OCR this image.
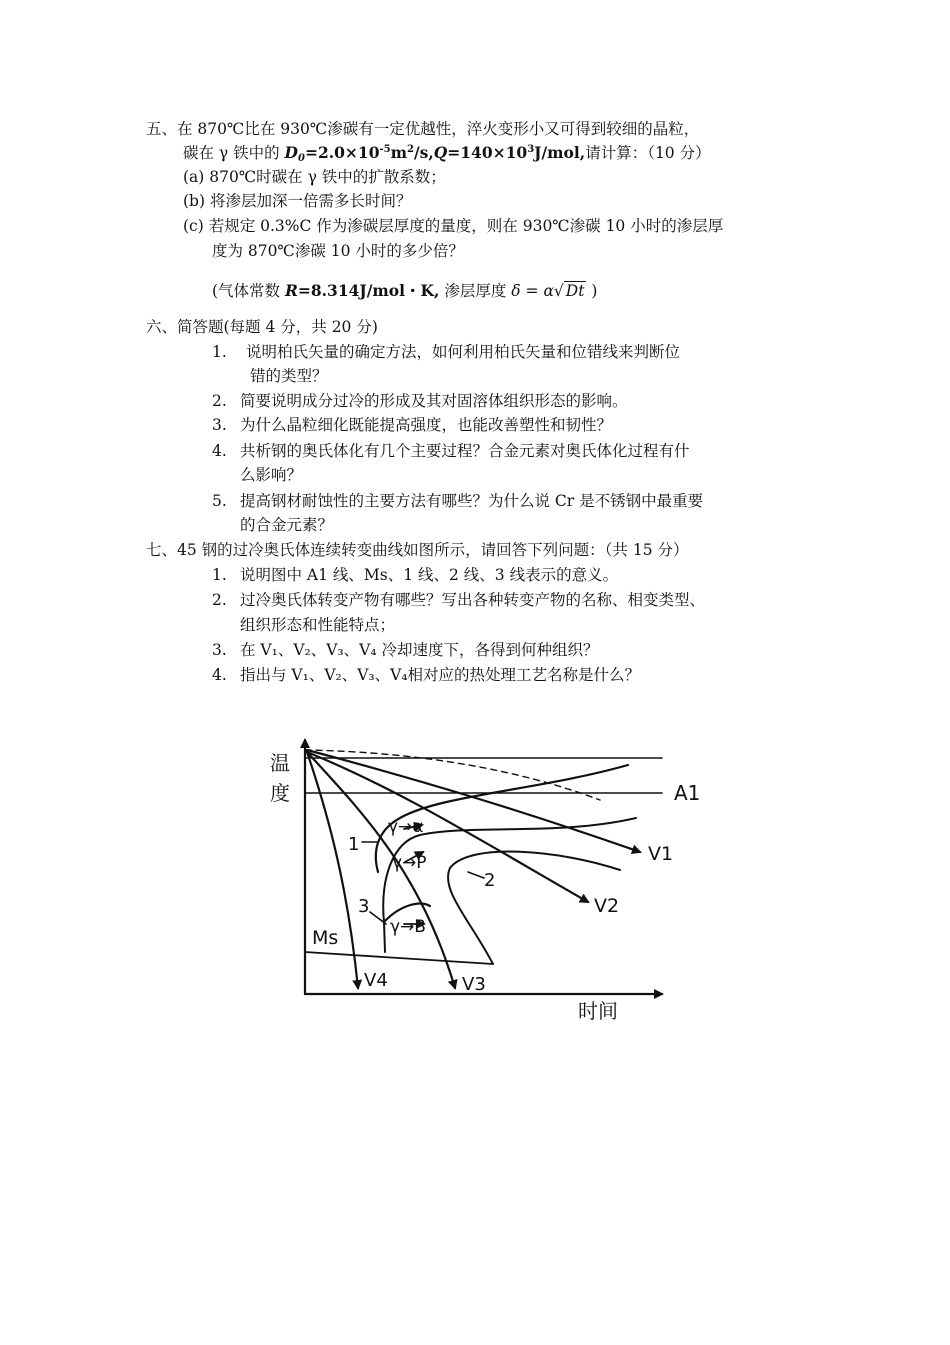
五、在 870℃比在 930℃渗碳有一定优越性，淬火变形小又可得到较细的晶粒，
碳在 γ 铁中的 $D_0=2.0\times 10^{-5}m^2/s,Q=140\times 10^3J$/mol,请计算：（10 分）
(a) 870℃时碳在 γ 铁中的扩散系数；
(b) 将渗层加深一倍需多长时间？
(c) 若规定 0.3%C 作为渗碳层厚度的量度，则在 930℃渗碳 10 小时的渗层厚
度为 870℃渗碳 10 小时的多少倍？
(气体常数 R=8.314J/mol・K, 渗层厚度 δ = α√ Dt )
六、简答题(每题 4 分，共 20 分)
1. 说明柏氏矢量的确定方法，如何利用柏氏矢量和位错线来判断位
错的类型？
2. 简要说明成分过冷的形成及其对固溶体组织形态的影响。
3. 为什么晶粒细化既能提高强度，也能改善塑性和韧性？
4. 共析钢的奥氏体化有几个主要过程？合金元素对奥氏体化过程有什
么影响？
5. 提高钢材耐蚀性的主要方法有哪些？为什么说 Cr 是不锈钢中最重要
的合金元素？
七、45 钢的过冷奥氏体连续转变曲线如图所示，请回答下列问题：（共 15 分）
1. 说明图中 A1 线、Ms、1 线、2 线、3 线表示的意义。
2. 过冷奥氏体转变产物有哪些？写出各种转变产物的名称、相变类型、
组织形态和性能特点；
3. 在 V₁、V₂、V₃、V₄ 冷却速度下，各得到何种组织？
4. 指出与 V₁、V₂、V₃、V₄相对应的热处理工艺名称是什么？
温
度	A1
Ms
1
2
3
γ→α
γ→P
γ→B
V1
V2
V3
V4
时间
